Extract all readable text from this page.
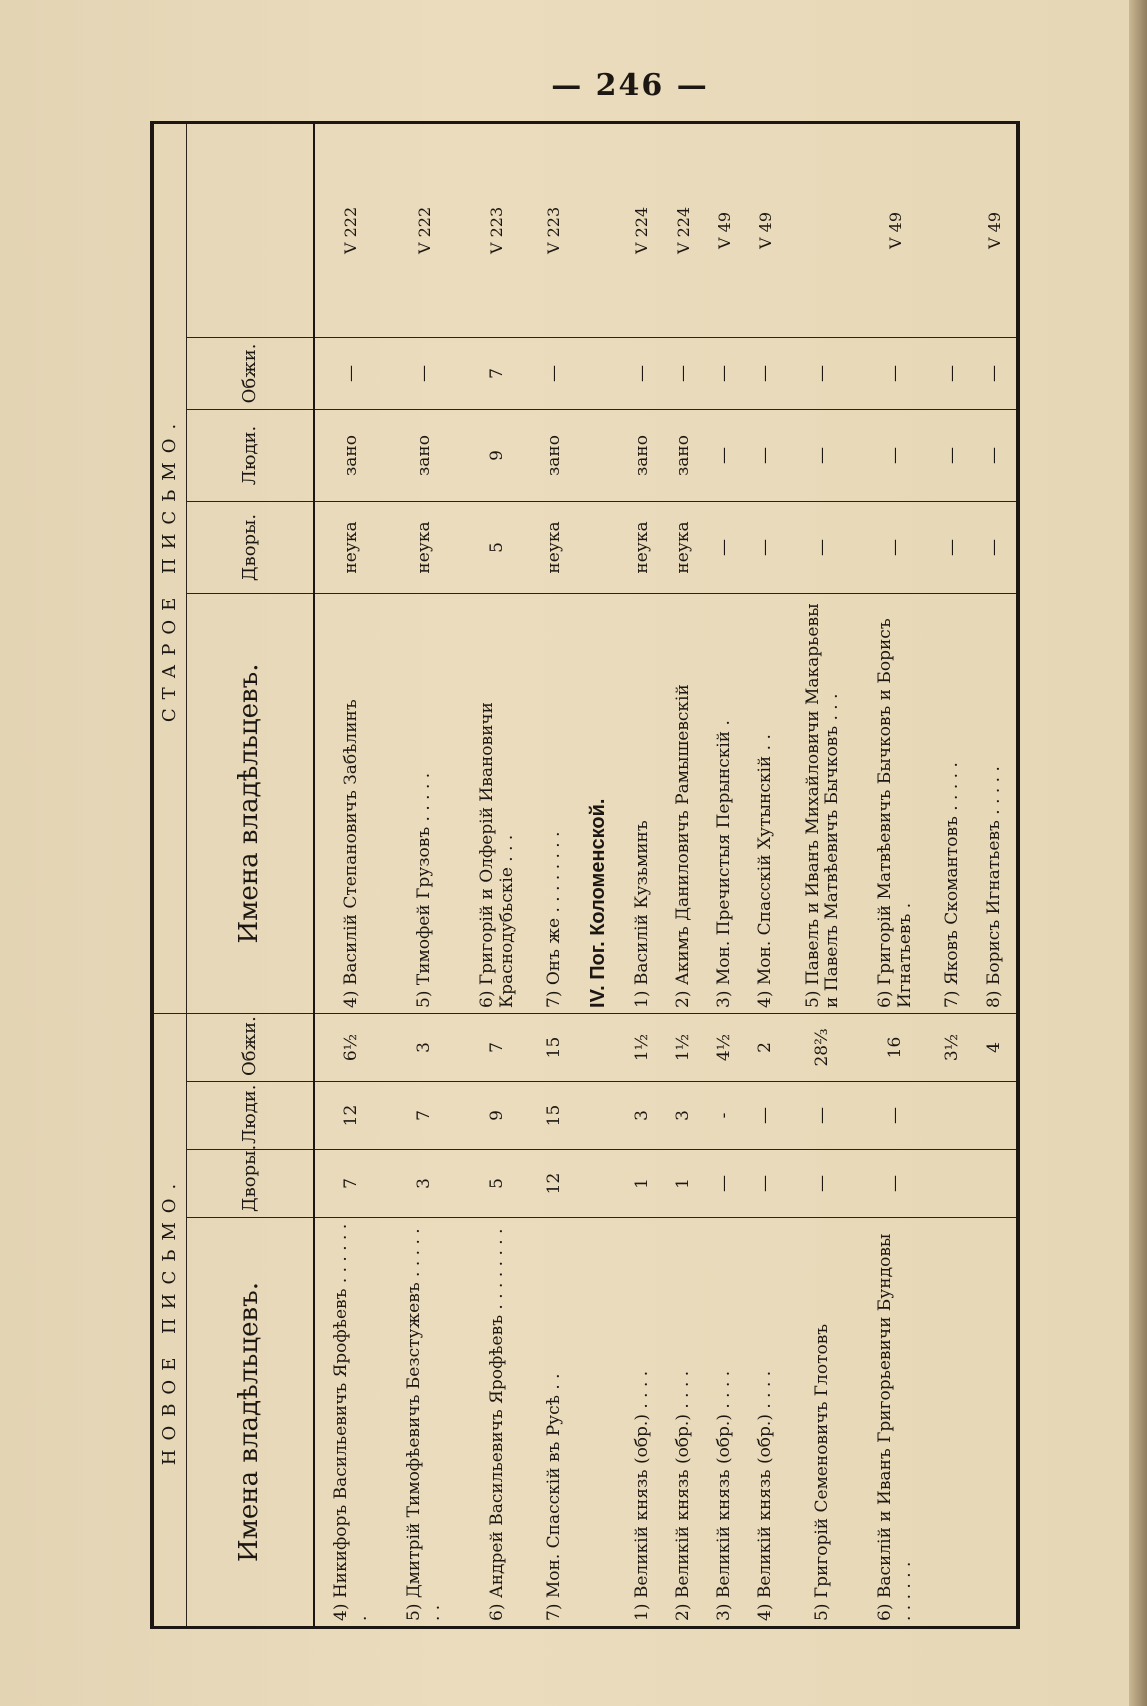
— 246 —
НОВОЕ ПИСЬМО.				СТАРОЕ ПИСЬМО.				
Имена владѣльцевъ.	Дворы.	Люди.	Обжи.	Имена владѣльцевъ.	Дворы.	Люди.	Обжи.	
4) Никифоръ Васильевичъ Ярофѣевъ . . . . . . .	7	12	6½	4) Василій Степановичъ Забѣлинъ	неука	зано	—	V 222
5) Дмитрій Тимофѣевичъ Безстужевъ . . . . . . .	3	7	3	5) Тимофей Грузовъ . . . . .	неука	зано	—	V 222
6) Андрей Васильевичъ Ярофѣевъ . . . . . . . .	5	9	7	6) Григорій и Олферій Ивановичи Краснодубьскіе . . .	5	9	7	V 223
7) Мон. Спасскій въ Русѣ . .	12	15	15	7) Онъ же . . . . . . . .	неука	зано	—	V 223
				IV. Пог. Коломенской.				
1) Великій князь (обр.) . . . .	1	3	1½	1) Василій Кузьминъ	неука	зано	—	V 224
2) Великій князь (обр.) . . . .	1	3	1½	2) Акимъ Даниловичъ Рамышевскій	неука	зано	—	V 224
3) Великій князь (обр.) . . . .	—	-	4½	3) Мон. Пречистыя Перынскій .	—	—	—	V 49
4) Великій князь (обр.) . . . .	—	—	2	4) Мон. Спасскій Хутынскій . .	—	—	—	V 49
5) Григорій Семеновичъ Глотовъ	—	—	28⅔	5) Павелъ и Иванъ Михайловичи Макарьевы и Павелъ Матвѣевичъ Бычковъ . . .	—	—	—	
6) Василій и Иванъ Григорьевичи Бундовы . . . . . .	—	—	16	6) Григорій Матвѣевичъ Бычковъ и Борисъ Игнатьевъ .	—	—	—	V 49
			3½	7) Яковъ Скомантовъ . . . . .	—	—	—	
			4	8) Борисъ Игнатьевъ . . . . .	—	—	—	V 49
